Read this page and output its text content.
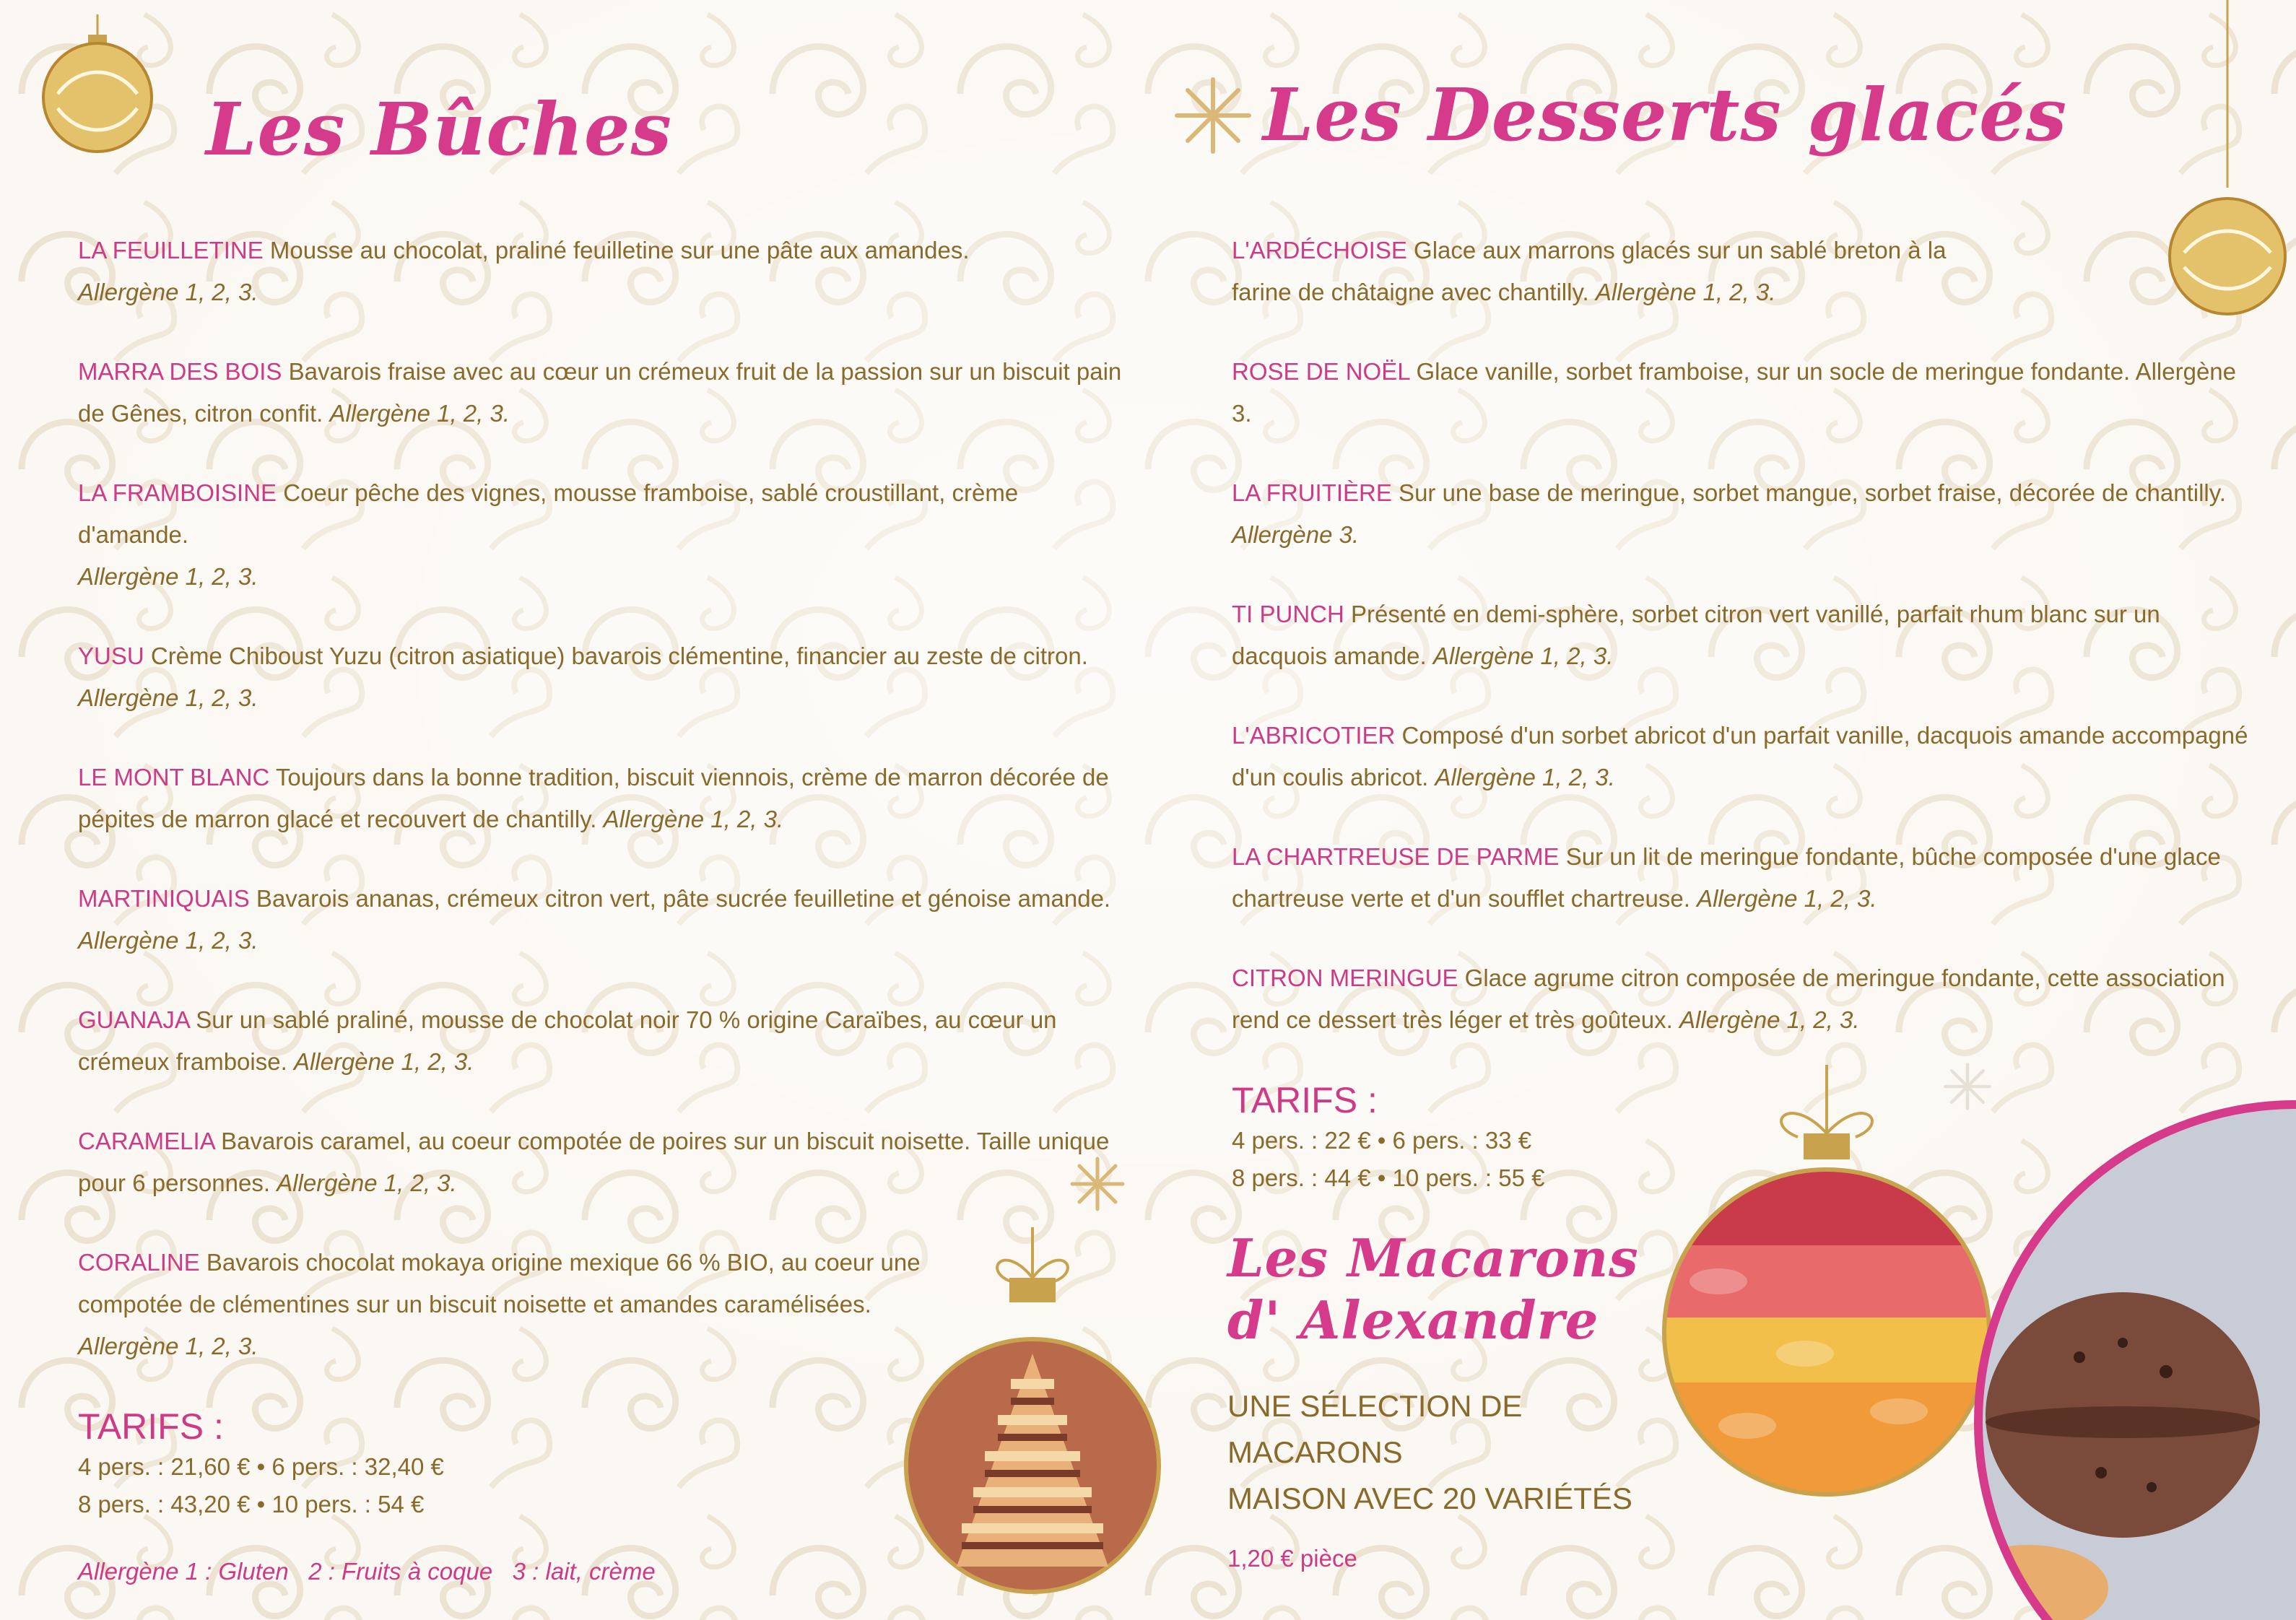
Les Bûches
LA FEUILLETINE Mousse au chocolat, praliné feuilletine sur une pâte aux amandes.
Allergène 1, 2, 3.
MARRA DES BOIS Bavarois fraise avec au cœur un crémeux fruit de la passion sur un biscuit pain de Gênes, citron confit. Allergène 1, 2, 3.
LA FRAMBOISINE Coeur pêche des vignes, mousse framboise, sablé croustillant, crème d'amande.
Allergène 1, 2, 3.
YUSU Crème Chiboust Yuzu (citron asiatique) bavarois clémentine, financier au zeste de citron.
Allergène 1, 2, 3.
LE MONT BLANC Toujours dans la bonne tradition, biscuit viennois, crème de marron décorée de pépites de marron glacé et recouvert de chantilly. Allergène 1, 2, 3.
MARTINIQUAIS Bavarois ananas, crémeux citron vert, pâte sucrée feuilletine et génoise amande.
Allergène 1, 2, 3.
GUANAJA Sur un sablé praliné, mousse de chocolat noir 70 % origine Caraïbes, au cœur un crémeux framboise. Allergène 1, 2, 3.
CARAMELIA Bavarois caramel, au coeur compotée de poires sur un biscuit noisette. Taille unique pour 6 personnes. Allergène 1, 2, 3.
CORALINE Bavarois chocolat mokaya origine mexique 66 % BIO, au coeur une compotée de clémentines sur un biscuit noisette et amandes caramélisées. Allergène 1, 2, 3.
TARIFS :
4 pers. : 21,60 € • 6 pers. : 32,40 €
8 pers. : 43,20 € • 10 pers. : 54 €
Allergène 1 : Gluten   2 : Fruits à coque   3 : lait, crème
Les Desserts glacés
L'ARDÉCHOISE Glace aux marrons glacés sur un sablé breton à la farine de châtaigne avec chantilly. Allergène 1, 2, 3.
ROSE DE NOËL Glace vanille, sorbet framboise, sur un socle de meringue fondante. Allergène 3.
LA FRUITIÈRE Sur une base de meringue, sorbet mangue, sorbet fraise, décorée de chantilly.
Allergène 3.
TI PUNCH Présenté en demi-sphère, sorbet citron vert vanillé, parfait rhum blanc sur un dacquois amande. Allergène 1, 2, 3.
L'ABRICOTIER Composé d'un sorbet abricot d'un parfait vanille, dacquois amande accompagné d'un coulis abricot. Allergène 1, 2, 3.
LA CHARTREUSE DE PARME Sur un lit de meringue fondante, bûche composée d'une glace chartreuse verte et d'un soufflet chartreuse. Allergène 1, 2, 3.
CITRON MERINGUE Glace agrume citron composée de meringue fondante, cette association rend ce dessert très léger et très goûteux. Allergène 1, 2, 3.
TARIFS :
4 pers. : 22 € • 6 pers. : 33 €
8 pers. : 44 € • 10 pers. : 55 €
Les Macarons
d' Alexandre
UNE SÉLECTION DE MACARONS
MAISON AVEC 20 VARIÉTÉS
1,20 € pièce
